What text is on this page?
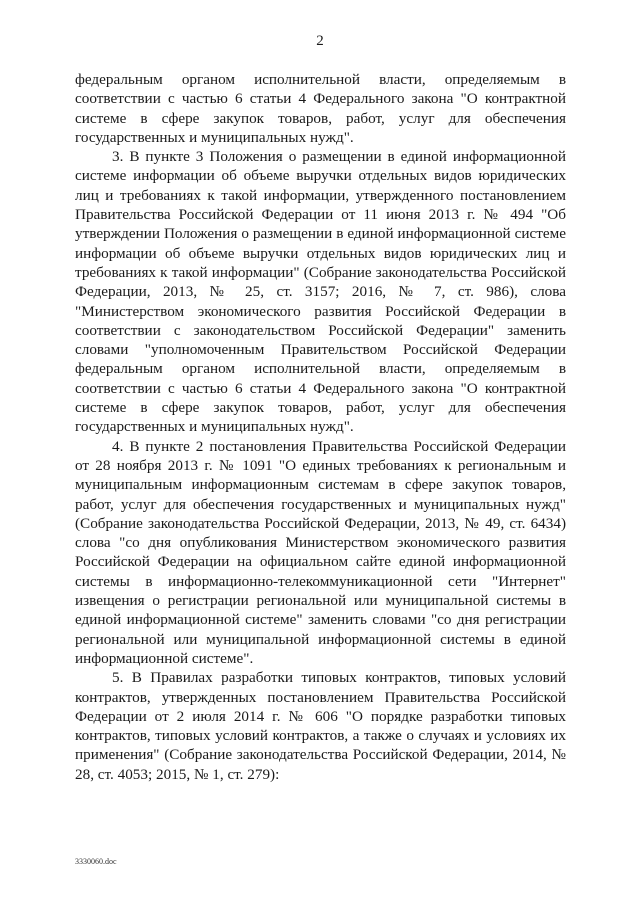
2

федеральным органом исполнительной власти, определяемым в соответствии с частью 6 статьи 4 Федерального закона "О контрактной системе в сфере закупок товаров, работ, услуг для обеспечения государственных и муниципальных нужд".

3. В пункте 3 Положения о размещении в единой информационной системе информации об объеме выручки отдельных видов юридических лиц и требованиях к такой информации, утвержденного постановлением Правительства Российской Федерации от 11 июня 2013 г. № 494 "Об утверждении Положения о размещении в единой информационной системе информации об объеме выручки отдельных видов юридических лиц и требованиях к такой информации" (Собрание законодательства Российской Федерации, 2013, № 25, ст. 3157; 2016, № 7, ст. 986), слова "Министерством экономического развития Российской Федерации в соответствии с законодательством Российской Федерации" заменить словами "уполномоченным Правительством Российской Федерации федеральным органом исполнительной власти, определяемым в соответствии с частью 6 статьи 4 Федерального закона "О контрактной системе в сфере закупок товаров, работ, услуг для обеспечения государственных и муниципальных нужд".

4. В пункте 2 постановления Правительства Российской Федерации от 28 ноября 2013 г. № 1091 "О единых требованиях к региональным и муниципальным информационным системам в сфере закупок товаров, работ, услуг для обеспечения государственных и муниципальных нужд" (Собрание законодательства Российской Федерации, 2013, № 49, ст. 6434) слова "со дня опубликования Министерством экономического развития Российской Федерации на официальном сайте единой информационной системы в информационно-телекоммуникационной сети "Интернет" извещения о регистрации региональной или муниципальной системы в единой информационной системе" заменить словами "со дня регистрации региональной или муниципальной информационной системы в единой информационной системе".

5. В Правилах разработки типовых контрактов, типовых условий контрактов, утвержденных постановлением Правительства Российской Федерации от 2 июля 2014 г. № 606 "О порядке разработки типовых контрактов, типовых условий контрактов, а также о случаях и условиях их применения" (Собрание законодательства Российской Федерации, 2014, № 28, ст. 4053; 2015, № 1, ст. 279):

3330060.doc
